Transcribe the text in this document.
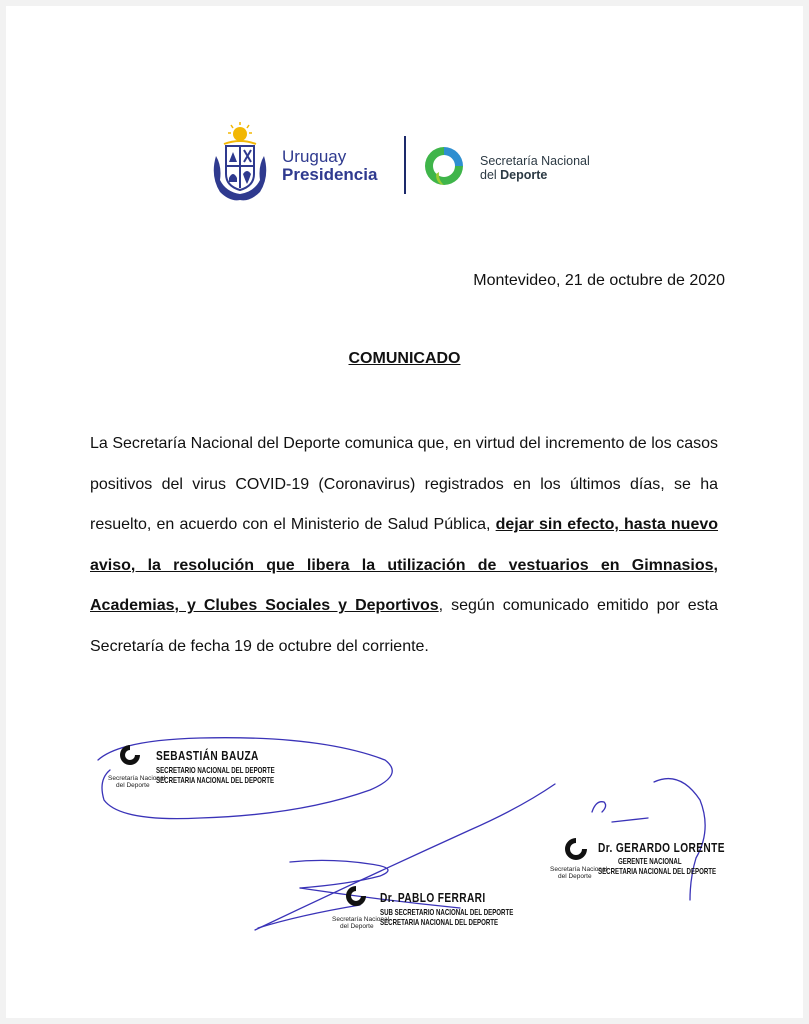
Uruguay
Presidencia
Secretaría Nacional
del Deporte
Montevideo, 21 de octubre de 2020
COMUNICADO
La Secretaría Nacional del Deporte comunica que, en virtud del incremento de los casos positivos del virus COVID-19 (Coronavirus) registrados en los últimos días, se ha resuelto, en acuerdo con el Ministerio de Salud Pública, dejar sin efecto, hasta nuevo aviso, la resolución que libera la utilización de vestuarios en Gimnasios, Academias, y Clubes Sociales y Deportivos, según comunicado emitido por esta Secretaría de fecha 19 de octubre del corriente.
SEBASTIÁN BAUZA
SECRETARIO NACIONAL DEL DEPORTE
SECRETARIA NACIONAL DEL DEPORTE
Secretaría Nacional
del Deporte
Dr. PABLO FERRARI
SUB SECRETARIO NACIONAL DEL DEPORTE
SECRETARIA NACIONAL DEL DEPORTE
Secretaría Nacional
del Deporte
Dr. GERARDO LORENTE
GERENTE NACIONAL
SECRETARIA NACIONAL DEL DEPORTE
Secretaría Nacional
del Deporte
